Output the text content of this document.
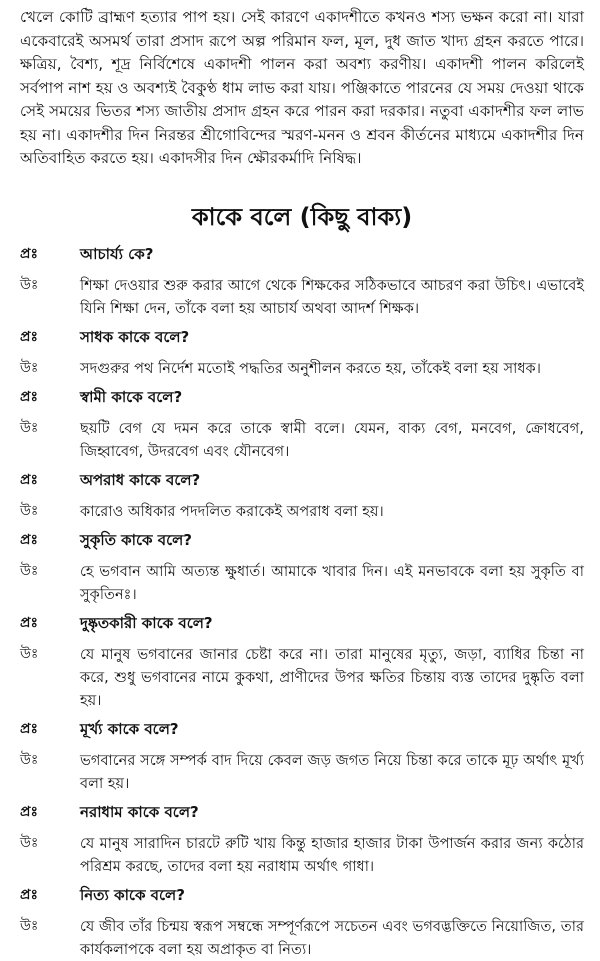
খেলে কোটি ব্রাহ্মণ হত্যার পাপ হয়। সেই কারণে একাদশীতে কখনও শস্য ভক্ষন করো না। যারা একেবারেই অসমর্থ তারা প্রসাদ রূপে অল্প পরিমান ফল, মূল, দুধ জাত খাদ্য গ্রহন করতে পারে। ক্ষত্রিয়, বৈশ্য, শূদ্র নির্বিশেষে একাদশী পালন করা অবশ্য করণীয়। একাদশী পালন করিলেই সর্বপাপ নাশ হয় ও অবশ্যই বৈকুণ্ঠ ধাম লাভ করা যায়। পঞ্জিকাতে পারনের যে সময় দেওয়া থাকে সেই সময়ের ভিতর শস্য জাতীয় প্রসাদ গ্রহন করে পারন করা দরকার। নতুবা একাদশীর ফল লাভ হয় না। একাদশীর দিন নিরন্তর শ্রীগোবিন্দের স্মরণ-মনন ও শ্রবন কীর্তনের মাধ্যমে একাদশীর দিন অতিবাহিত করতে হয়। একাদসীর দিন ক্ষৌরকর্মাদি নিষিদ্ধ।

কাকে বলে (কিছু বাক্য)
প্রঃ	আচার্য্য কে?
উঃ	শিক্ষা দেওয়ার শুরু করার আগে থেকে শিক্ষকের সঠিকভাবে আচরণ করা উচিৎ। এভাবেই যিনি শিক্ষা দেন, তাঁকে বলা হয় আচার্য অথবা আদর্শ শিক্ষক।
প্রঃ	সাধক কাকে বলে?
উঃ	সদগুরুর পথ নির্দেশ মতোই পদ্ধতির অনুশীলন করতে হয়, তাঁকেই বলা হয় সাধক।
প্রঃ	স্বামী কাকে বলে?
উঃ	ছয়টি বেগ যে দমন করে তাকে স্বামী বলে। যেমন, বাক্য বেগ, মনবেগ, ক্রোধবেগ, জিহ্বাবেগ, উদরবেগ এবং যৌনবেগ।
প্রঃ	অপরাধ কাকে বলে?
উঃ	কারোও অধিকার পদদলিত করাকেই অপরাধ বলা হয়।
প্রঃ	সুকৃতি কাকে বলে?
উঃ	হে ভগবান আমি অত্যন্ত ক্ষুধার্ত। আমাকে খাবার দিন। এই মনভাবকে বলা হয় সুকৃতি বা সুকৃতিনঃ।
প্রঃ	দুষ্কৃতকারী কাকে বলে?
উঃ	যে মানুষ ভগবানের জানার চেষ্টা করে না। তারা মানুষের মৃত্যু, জড়া, ব্যাধির চিন্তা না করে, শুধু ভগবানের নামে কুকথা, প্রাণীদের উপর ক্ষতির চিন্তায় ব্যস্ত তাদের দুষ্কৃতি বলা হয়।
প্রঃ	মূর্খ্য কাকে বলে?
উঃ	ভগবানের সঙ্গে সম্পর্ক বাদ দিয়ে কেবল জড় জগত নিয়ে চিন্তা করে তাকে মূঢ় অর্থাৎ মূর্খ্য বলা হয়।
প্রঃ	নরাধাম কাকে বলে?
উঃ	যে মানুষ সারাদিন চারটে রুটি খায় কিন্তু হাজার হাজার টাকা উপার্জন করার জন্য কঠোর পরিশ্রম করছে, তাদের বলা হয় নরাধাম অর্থাৎ গাধা।
প্রঃ	নিত্য কাকে বলে?
উঃ	যে জীব তাঁর চিন্ময় স্বরূপ সম্বন্ধে সম্পূর্ণরূপে সচেতন এবং ভগবদ্ভক্তিতে নিয়োজিত, তার কার্যকলাপকে বলা হয় অপ্রাকৃত বা নিত্য।
